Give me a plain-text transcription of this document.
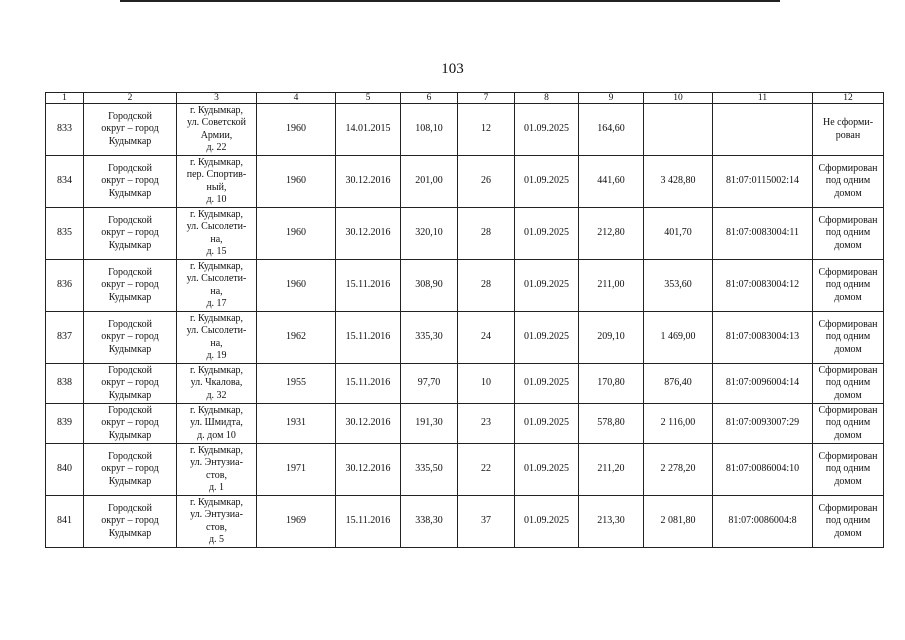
103
1	2	3	4	5	6	7	8	9	10	11	12
833	Городской
округ – город
Кудымкар	г. Кудымкар,
ул. Советской
Армии,
д. 22	1960	14.01.2015	108,10	12	01.09.2025	164,60			Не сформи-
рован
834	Городской
округ – город
Кудымкар	г. Кудымкар,
пер. Спортив-
ный,
д. 10	1960	30.12.2016	201,00	26	01.09.2025	441,60	3 428,80	81:07:0115002:14	Сформирован
под одним
домом
835	Городской
округ – город
Кудымкар	г. Кудымкар,
ул. Сысолети-
на,
д. 15	1960	30.12.2016	320,10	28	01.09.2025	212,80	401,70	81:07:0083004:11	Сформирован
под одним
домом
836	Городской
округ – город
Кудымкар	г. Кудымкар,
ул. Сысолети-
на,
д. 17	1960	15.11.2016	308,90	28	01.09.2025	211,00	353,60	81:07:0083004:12	Сформирован
под одним
домом
837	Городской
округ – город
Кудымкар	г. Кудымкар,
ул. Сысолети-
на,
д. 19	1962	15.11.2016	335,30	24	01.09.2025	209,10	1 469,00	81:07:0083004:13	Сформирован
под одним
домом
838	Городской
округ – город
Кудымкар	г. Кудымкар,
ул. Чкалова,
д. 32	1955	15.11.2016	97,70	10	01.09.2025	170,80	876,40	81:07:0096004:14	Сформирован
под одним
домом
839	Городской
округ – город
Кудымкар	г. Кудымкар,
ул. Шмидта,
д. дом 10	1931	30.12.2016	191,30	23	01.09.2025	578,80	2 116,00	81:07:0093007:29	Сформирован
под одним
домом
840	Городской
округ – город
Кудымкар	г. Кудымкар,
ул. Энтузиа-
стов,
д. 1	1971	30.12.2016	335,50	22	01.09.2025	211,20	2 278,20	81:07:0086004:10	Сформирован
под одним
домом
841	Городской
округ – город
Кудымкар	г. Кудымкар,
ул. Энтузиа-
стов,
д. 5	1969	15.11.2016	338,30	37	01.09.2025	213,30	2 081,80	81:07:0086004:8	Сформирован
под одним
домом
